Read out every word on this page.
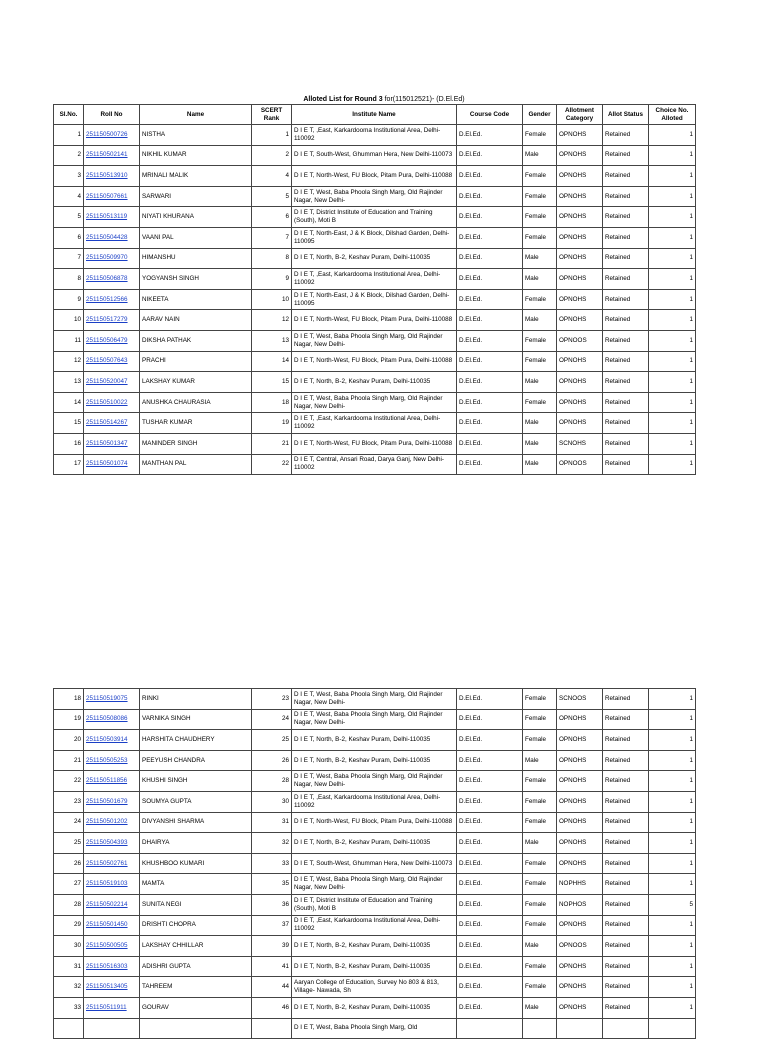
Alloted List for Round 3 for(115012521)- (D.El.Ed)
Sl.No.	Roll No	Name	SCERT Rank	Institute Name	Course Code	Gender	Allotment Category	Allot Status	Choice No. Alloted
1	251150500726	NISTHA	1	D I E T, ,East, Karkardooma Institutional Area, Delhi-110092	D.El.Ed.	Female	OPNOHS	Retained	1
2	251150502141	NIKHIL KUMAR	2	D I E T, South-West, Ghumman Hera, New Delhi-110073	D.El.Ed.	Male	OPNOHS	Retained	1
3	251150513910	MRINALI MALIK	4	D I E T, North-West, FU Block, Pitam Pura, Delhi-110088	D.El.Ed.	Female	OPNOHS	Retained	1
4	251150507661	SARWARI	5	D I E T, West, Baba Phoola Singh Marg, Old Rajinder Nagar, New Delhi-	D.El.Ed.	Female	OPNOHS	Retained	1
5	251150513119	NIYATI KHURANA	6	D I E T, District Institute of Education and Training (South), Moti B	D.El.Ed.	Female	OPNOHS	Retained	1
6	251150504428	VAANI PAL	7	D I E T, North-East, J & K Block, Dilshad Garden, Delhi-110095	D.El.Ed.	Female	OPNOHS	Retained	1
7	251150509970	HIMANSHU	8	D I E T, North, B-2, Keshav Puram, Delhi-110035	D.El.Ed.	Male	OPNOHS	Retained	1
8	251150506878	YOGYANSH SINGH	9	D I E T, ,East, Karkardooma Institutional Area, Delhi-110092	D.El.Ed.	Male	OPNOHS	Retained	1
9	251150512566	NIKEETA	10	D I E T, North-East, J & K Block, Dilshad Garden, Delhi-110095	D.El.Ed.	Female	OPNOHS	Retained	1
10	251150517279	AARAV NAIN	12	D I E T, North-West, FU Block, Pitam Pura, Delhi-110088	D.El.Ed.	Male	OPNOHS	Retained	1
11	251150506479	DIKSHA PATHAK	13	D I E T, West, Baba Phoola Singh Marg, Old Rajinder Nagar, New Delhi-	D.El.Ed.	Female	OPNOOS	Retained	1
12	251150507643	PRACHI	14	D I E T, North-West, FU Block, Pitam Pura, Delhi-110088	D.El.Ed.	Female	OPNOHS	Retained	1
13	251150520047	LAKSHAY KUMAR	15	D I E T, North, B-2, Keshav Puram, Delhi-110035	D.El.Ed.	Male	OPNOHS	Retained	1
14	251150510022	ANUSHKA CHAURASIA	18	D I E T, West, Baba Phoola Singh Marg, Old Rajinder Nagar, New Delhi-	D.El.Ed.	Female	OPNOHS	Retained	1
15	251150514267	TUSHAR KUMAR	19	D I E T, ,East, Karkardooma Institutional Area, Delhi-110092	D.El.Ed.	Male	OPNOHS	Retained	1
16	251150501347	MANINDER SINGH	21	D I E T, North-West, FU Block, Pitam Pura, Delhi-110088	D.El.Ed.	Male	SCNOHS	Retained	1
17	251150501074	MANTHAN PAL	22	D I E T, Central, Ansari Road, Darya Ganj, New Delhi-110002	D.El.Ed.	Male	OPNOOS	Retained	1
18	251150519075	RINKI	23	D I E T, West, Baba Phoola Singh Marg, Old Rajinder Nagar, New Delhi-	D.El.Ed.	Female	SCNOOS	Retained	1
19	251150508086	VARNIKA SINGH	24	D I E T, West, Baba Phoola Singh Marg, Old Rajinder Nagar, New Delhi-	D.El.Ed.	Female	OPNOHS	Retained	1
20	251150503914	HARSHITA CHAUDHERY	25	D I E T, North, B-2, Keshav Puram, Delhi-110035	D.El.Ed.	Female	OPNOHS	Retained	1
21	251150505253	PEEYUSH CHANDRA	26	D I E T, North, B-2, Keshav Puram, Delhi-110035	D.El.Ed.	Male	OPNOHS	Retained	1
22	251150511856	KHUSHI SINGH	28	D I E T, West, Baba Phoola Singh Marg, Old Rajinder Nagar, New Delhi-	D.El.Ed.	Female	OPNOHS	Retained	1
23	251150501679	SOUMYA GUPTA	30	D I E T, ,East, Karkardooma Institutional Area, Delhi-110092	D.El.Ed.	Female	OPNOHS	Retained	1
24	251150501202	DIVYANSHI SHARMA	31	D I E T, North-West, FU Block, Pitam Pura, Delhi-110088	D.El.Ed.	Female	OPNOHS	Retained	1
25	251150504393	DHAIRYA	32	D I E T, North, B-2, Keshav Puram, Delhi-110035	D.El.Ed.	Male	OPNOHS	Retained	1
26	251150502761	KHUSHBOO KUMARI	33	D I E T, South-West, Ghumman Hera, New Delhi-110073	D.El.Ed.	Female	OPNOHS	Retained	1
27	251150519103	MAMTA	35	D I E T, West, Baba Phoola Singh Marg, Old Rajinder Nagar, New Delhi-	D.El.Ed.	Female	NOPHHS	Retained	1
28	251150502214	SUNITA NEGI	36	D I E T, District Institute of Education and Training (South), Moti B	D.El.Ed.	Female	NOPHOS	Retained	5
29	251150501450	DRISHTI CHOPRA	37	D I E T, ,East, Karkardooma Institutional Area, Delhi-110092	D.El.Ed.	Female	OPNOHS	Retained	1
30	251150500505	LAKSHAY CHHILLAR	39	D I E T, North, B-2, Keshav Puram, Delhi-110035	D.El.Ed.	Male	OPNOOS	Retained	1
31	251150516303	ADISHRI GUPTA	41	D I E T, North, B-2, Keshav Puram, Delhi-110035	D.El.Ed.	Female	OPNOHS	Retained	1
32	251150513405	TAHREEM	44	Aaryan College of Education, Survey No 803 & 813, Village- Nawada, Sh	D.El.Ed.	Female	OPNOHS	Retained	1
33	251150511911	GOURAV	46	D I E T, North, B-2, Keshav Puram, Delhi-110035	D.El.Ed.	Male	OPNOHS	Retained	1

				D I E T, West, Baba Phoola Singh Marg, Old					
